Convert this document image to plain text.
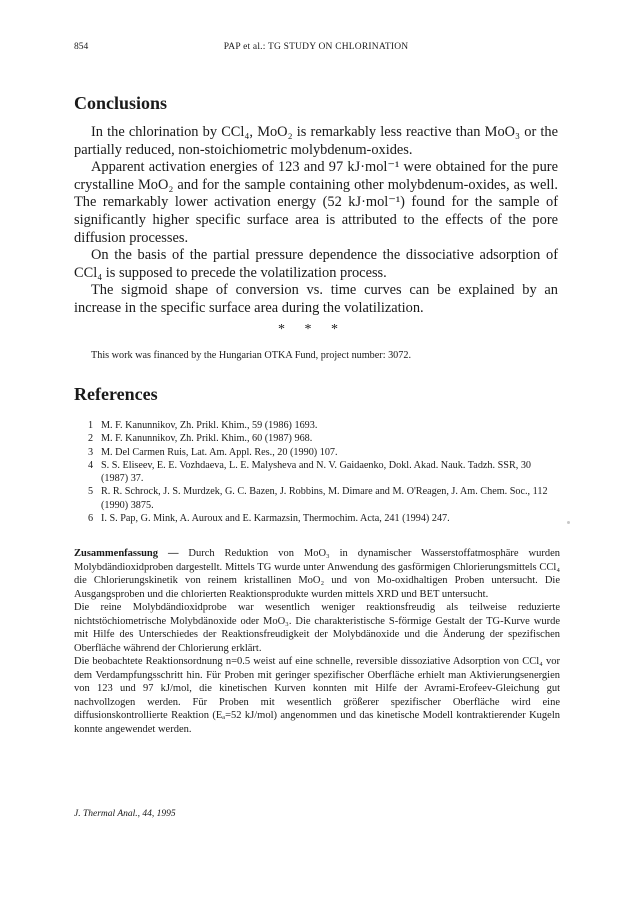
854	PAP et al.: TG STUDY ON CHLORINATION
Conclusions

In the chlorination by CCl₄, MoO₂ is remarkably less reactive than MoO₃ or the partially reduced, non-stoichiometric molybdenum-oxides.

Apparent activation energies of 123 and 97 kJ·mol⁻¹ were obtained for the pure crystalline MoO₂ and for the sample containing other molybdenum-oxides, as well. The remarkably lower activation energy (52 kJ·mol⁻¹) found for the sample of significantly higher specific surface area is attributed to the effects of the pore diffusion processes.

On the basis of the partial pressure dependence the dissociative adsorption of CCl₄ is supposed to precede the volatilization process.

The sigmoid shape of conversion vs. time curves can be explained by an increase in the specific surface area during the volatilization.

* * *
This work was financed by the Hungarian OTKA Fund, project number: 3072.
References
1 M. F. Kanunnikov, Zh. Prikl. Khim., 59 (1986) 1693.
2 M. F. Kanunnikov, Zh. Prikl. Khim., 60 (1987) 968.
3 M. Del Carmen Ruis, Lat. Am. Appl. Res., 20 (1990) 107.
4 S. S. Eliseev, E. E. Vozhdaeva, L. E. Malysheva and N. V. Gaidaenko, Dokl. Akad. Nauk. Tadzh. SSR, 30 (1987) 37.
5 R. R. Schrock, J. S. Murdzek, G. C. Bazen, J. Robbins, M. Dimare and M. O'Reagen, J. Am. Chem. Soc., 112 (1990) 3875.
6 I. S. Pap, G. Mink, A. Auroux and E. Karmazsin, Thermochim. Acta, 241 (1994) 247.

Zusammenfassung — Durch Reduktion von MoO₃ in dynamischer Wasserstoffatmosphäre wurden Molybdändioxidproben dargestellt. Mittels TG wurde unter Anwendung des gasförmigen Chlorierungsmittels CCl₄ die Chlorierungskinetik von reinem kristallinen MoO₂ und von Mo-oxidhaltigen Proben untersucht. Die Ausgangsproben und die chlorierten Reaktionsprodukte wurden mittels XRD und BET untersucht.

Die reine Molybdändioxidprobe war wesentlich weniger reaktionsfreudig als teilweise reduzierte nichtstöchiometrische Molybdänoxide oder MoO₃. Die charakteristische S-förmige Gestalt der TG-Kurve wurde mit Hilfe des Unterschiedes der Reaktionsfreudigkeit der Molybdänoxide und die Änderung der spezifischen Oberfläche während der Chlorierung erklärt.

Die beobachtete Reaktionsordnung n=0.5 weist auf eine schnelle, reversible dissoziative Adsorption von CCl₄ vor dem Verdampfungsschritt hin. Für Proben mit geringer spezifischer Oberfläche erhielt man Aktivierungsenergien von 123 und 97 kJ/mol, die kinetischen Kurven konnten mit Hilfe der Avrami-Erofeev-Gleichung gut nachvollzogen werden. Für Proben mit wesentlich größerer spezifischer Oberfläche wird eine diffusionskontrollierte Reaktion (Eₐ=52 kJ/mol) angenommen und das kinetische Modell kontraktierender Kugeln konnte angewendet werden.

J. Thermal Anal., 44, 1995
